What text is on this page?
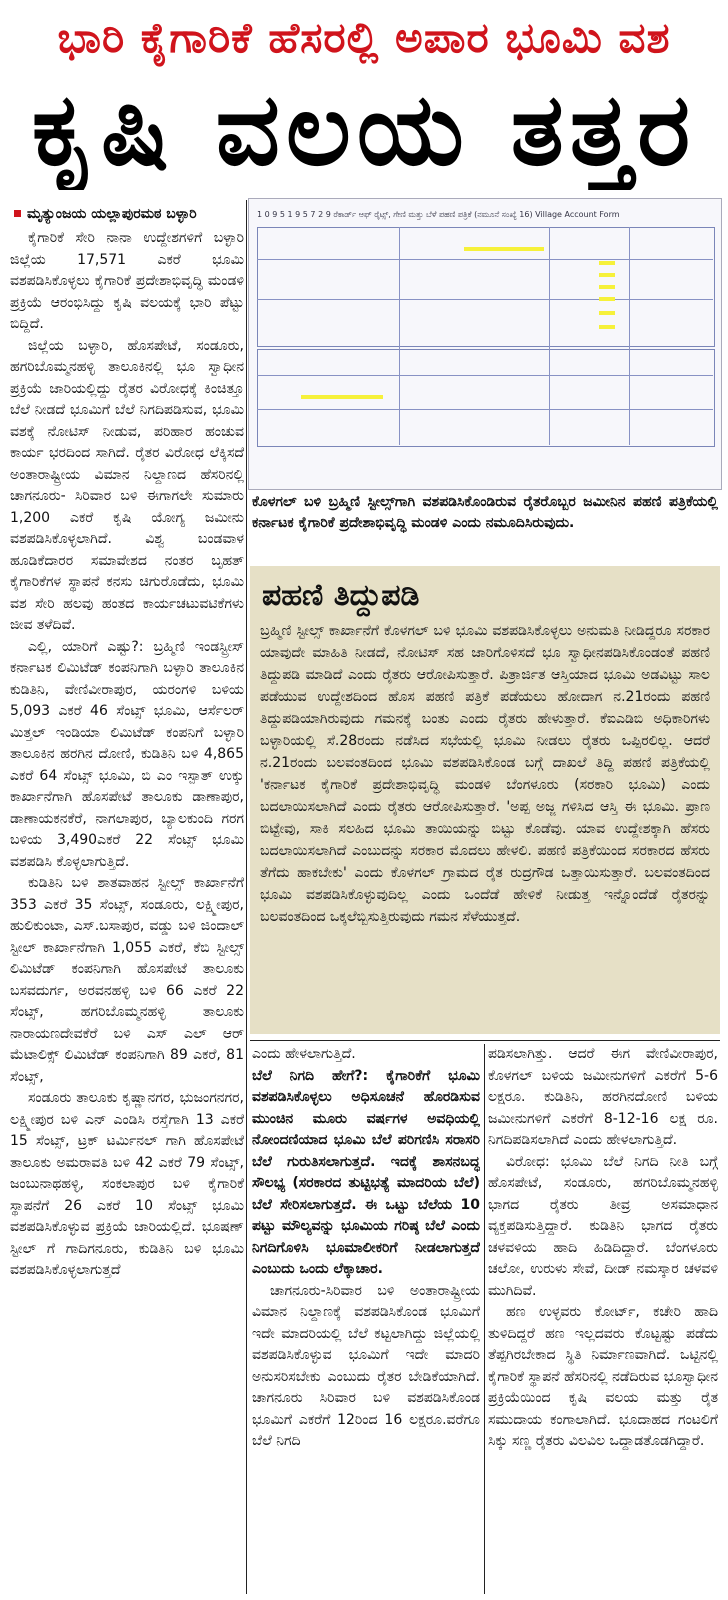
ಭಾರಿ ಕೈಗಾರಿಕೆ ಹೆಸರಲ್ಲಿ ಅಪಾರ ಭೂಮಿ ವಶ
ಕೃಷಿ ವಲಯ ತತ್ತರ
ಮೃತ್ಯುಂಜಯ ಯಲ್ಲಾಪುರಮಠ ಬಳ್ಳಾರಿ

ಕೈಗಾರಿಕೆ ಸೇರಿ ನಾನಾ ಉದ್ದೇಶಗಳಿಗೆ ಬಳ್ಳಾರಿ ಜಿಲ್ಲೆಯ 17,571 ಎಕರೆ ಭೂಮಿ ವಶಪಡಿಸಿಕೊಳ್ಳಲು ಕೈಗಾರಿಕೆ ಪ್ರದೇಶಾಭಿವೃದ್ಧಿ ಮಂಡಳಿ ಪ್ರಕ್ರಿಯೆ ಆರಂಭಿಸಿದ್ದು ಕೃಷಿ ವಲಯಕ್ಕೆ ಭಾರಿ ಪೆಟ್ಟು ಬಿದ್ದಿದೆ.

ಜಿಲ್ಲೆಯ ಬಳ್ಳಾರಿ, ಹೊಸಪೇಟೆ, ಸಂಡೂರು, ಹಗರಿಬೊಮ್ಮನಹಳ್ಳಿ ತಾಲೂಕಿನಲ್ಲಿ ಭೂ ಸ್ವಾಧೀನ ಪ್ರಕ್ರಿಯೆ ಜಾರಿಯಲ್ಲಿದ್ದು ರೈತರ ವಿರೋಧಕ್ಕೆ ಕಿಂಚಿತ್ತೂ ಬೆಲೆ ನೀಡದೆ ಭೂಮಿಗೆ ಬೆಲೆ ನಿಗದಿಪಡಿಸುವ, ಭೂಮಿ ವಶಕ್ಕೆ ನೋಟಿಸ್ ನೀಡುವ, ಪರಿಹಾರ ಹಂಚುವ ಕಾರ್ಯ ಭರದಿಂದ ಸಾಗಿದೆ. ರೈತರ ವಿರೋಧ ಲೆಕ್ಕಿಸದೆ ಅಂತಾರಾಷ್ಟ್ರೀಯ ವಿಮಾನ ನಿಲ್ದಾಣದ ಹೆಸರಿನಲ್ಲಿ ಚಾಗನೂರು- ಸಿರಿವಾರ ಬಳಿ ಈಗಾಗಲೇ ಸುಮಾರು 1,200 ಎಕರೆ ಕೃಷಿ ಯೋಗ್ಯ ಜಮೀನು ವಶಪಡಿಸಿಕೊಳ್ಳಲಾಗಿದೆ. ವಿಶ್ವ ಬಂಡವಾಳ ಹೂಡಿಕೆದಾರರ ಸಮಾವೇಶದ ನಂತರ ಬೃಹತ್ ಕೈಗಾರಿಕೆಗಳ ಸ್ಥಾಪನೆ ಕನಸು ಚಿಗುರೊಡೆದು, ಭೂಮಿ ವಶ ಸೇರಿ ಹಲವು ಹಂತದ ಕಾರ್ಯಚಟುವಟಿಕೆಗಳು ಜೀವ ತಳೆದಿವೆ.

ಎಲ್ಲಿ, ಯಾರಿಗೆ ಎಷ್ಟು?: ಬ್ರಹ್ಮಿಣಿ ಇಂಡಸ್ಟ್ರೀಸ್ ಕರ್ನಾಟಕ ಲಿಮಿಟೆಡ್ ಕಂಪನಿಗಾಗಿ ಬಳ್ಳಾರಿ ತಾಲೂಕಿನ ಕುಡಿತಿನಿ, ವೇಣಿವೀರಾಪುರ, ಯರಂಗಳಿ ಬಳಿಯ 5,093 ಎಕರೆ 46 ಸೆಂಟ್ಸ್ ಭೂಮಿ, ಆರ್ಸೆಲರ್ ಮಿತ್ತಲ್ ಇಂಡಿಯಾ ಲಿಮಿಟೆಡ್ ಕಂಪನಿಗೆ ಬಳ್ಳಾರಿ ತಾಲೂಕಿನ ಹರಗಿನ ದೋಣಿ, ಕುಡಿತಿನಿ ಬಳಿ 4,865 ಎಕರೆ 64 ಸೆಂಟ್ಸ್ ಭೂಮಿ, ಬಿ ಎಂ ಇಸ್ಪಾತ್ ಉಕ್ಕು ಕಾರ್ಖಾನೆಗಾಗಿ ಹೊಸಪೇಟೆ ತಾಲೂಕು ಡಾಣಾಪುರ, ಡಾಣಾಯಕನಕೆರೆ, ನಾಗಲಾಪುರ, ಬ್ಯಾಲಕುಂದಿ ಗರಗ ಬಳಿಯ 3,490ಎಕರೆ 22 ಸೆಂಟ್ಸ್ ಭೂಮಿ ವಶಪಡಿಸಿ ಕೊಳ್ಳಲಾಗುತ್ತಿದೆ.

ಕುಡಿತಿನಿ ಬಳಿ ಶಾತವಾಹನ ಸ್ಟೀಲ್ಸ್ ಕಾರ್ಖಾನೆಗೆ 353 ಎಕರೆ 35 ಸೆಂಟ್ಸ್, ಸಂಡೂರು, ಲಕ್ಷ್ಮೀಪುರ, ಹುಲಿಕುಂಟಾ, ಎಸ್.ಬಸಾಪುರ, ವಡ್ಡು ಬಳಿ ಜಿಂದಾಲ್ ಸ್ಟೀಲ್ ಕಾರ್ಖಾನೆಗಾಗಿ 1,055 ಎಕರೆ, ಕೆಬಿ ಸ್ಟೀಲ್ಸ್ ಲಿಮಿಟೆಡ್ ಕಂಪನಿಗಾಗಿ ಹೊಸಪೇಟೆ ತಾಲೂಕು ಬಸವದುರ್ಗ, ಅರವನಹಳ್ಳಿ ಬಳಿ 66 ಎಕರೆ 22 ಸೆಂಟ್ಸ್, ಹಗರಿಬೊಮ್ಮನಹಳ್ಳಿ ತಾಲೂಕು ನಾರಾಯಣದೇವಕೆರೆ ಬಳಿ ಎಸ್ ಎಲ್ ಆರ್ ಮೆಟಾಲಿಕ್ಸ್ ಲಿಮಿಟೆಡ್ ಕಂಪನಿಗಾಗಿ 89 ಎಕರೆ, 81 ಸೆಂಟ್ಸ್,

ಸಂಡೂರು ತಾಲೂಕು ಕೃಷ್ಣಾನಗರ, ಭುಜಂಗನಗರ, ಲಕ್ಷ್ಮೀಪುರ ಬಳಿ ಎನ್ ಎಂಡಿಸಿ ರಸ್ತೆಗಾಗಿ 13 ಎಕರೆ 15 ಸೆಂಟ್ಸ್, ಟ್ರಕ್ ಟರ್ಮಿನಲ್ ಗಾಗಿ ಹೊಸಪೇಟೆ ತಾಲೂಕು ಅಮರಾವತಿ ಬಳಿ 42 ಎಕರೆ 79 ಸೆಂಟ್ಸ್, ಜಂಬುನಾಥಹಳ್ಳಿ, ಸಂಕಲಾಪುರ ಬಳಿ ಕೈಗಾರಿಕೆ ಸ್ಥಾಪನೆಗೆ 26 ಎಕರೆ 10 ಸೆಂಟ್ಸ್ ಭೂಮಿ ವಶಪಡಿಸಿಕೊಳ್ಳುವ ಪ್ರಕ್ರಿಯೆ ಜಾರಿಯಲ್ಲಿದೆ. ಭೂಷಣ್ ಸ್ಟೀಲ್ ಗೆ ಗಾದಿಗನೂರು, ಕುಡಿತಿನಿ ಬಳಿ ಭೂಮಿ ವಶಪಡಿಸಿಕೊಳ್ಳಲಾಗುತ್ತದೆ

1 0 9 5 1 9 5 7 2 9 ರೆಕಾರ್ಡ್ ಆಫ್ ರೈಟ್ಸ್, ಗೇಣಿ ಮತ್ತು ಬೆಳೆ ಪಹಣಿ ಪತ್ರಿಕೆ (ನಮೂನೆ ಸಂಖ್ಯೆ 16) Village Account Form
ಕೊಳಗಲ್ ಬಳಿ ಬ್ರಹ್ಮಿಣಿ ಸ್ಟೀಲ್ಸ್‌ಗಾಗಿ ವಶಪಡಿಸಿಕೊಂಡಿರುವ ರೈತರೊಬ್ಬರ ಜಮೀನಿನ ಪಹಣಿ ಪತ್ರಿಕೆಯಲ್ಲಿ ಕರ್ನಾಟಕ ಕೈಗಾರಿಕೆ ಪ್ರದೇಶಾಭಿವೃದ್ಧಿ ಮಂಡಳಿ ಎಂದು ನಮೂದಿಸಿರುವುದು.
ಪಹಣಿ ತಿದ್ದುಪಡಿ
ಬ್ರಹ್ಮಿಣಿ ಸ್ಟೀಲ್ಸ್ ಕಾರ್ಖಾನೆಗೆ ಕೊಳಗಲ್ ಬಳಿ ಭೂಮಿ ವಶಪಡಿಸಿಕೊಳ್ಳಲು ಅನುಮತಿ ನೀಡಿದ್ದರೂ ಸರಕಾರ ಯಾವುದೇ ಮಾಹಿತಿ ನೀಡದೆ, ನೋಟಿಸ್ ಸಹ ಜಾರಿಗೊಳಿಸದೆ ಭೂ ಸ್ವಾಧೀನಪಡಿಸಿಕೊಂಡಂತೆ ಪಹಣಿ ತಿದ್ದುಪಡಿ ಮಾಡಿದೆ ಎಂದು ರೈತರು ಆರೋಪಿಸುತ್ತಾರೆ. ಪಿತ್ರಾರ್ಜಿತ ಆಸ್ತಿಯಾದ ಭೂಮಿ ಅಡವಿಟ್ಟು ಸಾಲ ಪಡೆಯುವ ಉದ್ದೇಶದಿಂದ ಹೊಸ ಪಹಣಿ ಪತ್ರಿಕೆ ಪಡೆಯಲು ಹೋದಾಗ ನ.21ರಂದು ಪಹಣಿ ತಿದ್ದುಪಡಿಯಾಗಿರುವುದು ಗಮನಕ್ಕೆ ಬಂತು ಎಂದು ರೈತರು ಹೇಳುತ್ತಾರೆ. ಕೆಐಎಡಿಬಿ ಅಧಿಕಾರಿಗಳು ಬಳ್ಳಾರಿಯಲ್ಲಿ ಸೆ.28ರಂದು ನಡೆಸಿದ ಸಭೆಯಲ್ಲಿ ಭೂಮಿ ನೀಡಲು ರೈತರು ಒಪ್ಪಿರಲಿಲ್ಲ. ಆದರೆ ನ.21ರಂದು ಬಲವಂತದಿಂದ ಭೂಮಿ ವಶಪಡಿಸಿಕೊಂಡ ಬಗ್ಗೆ ದಾಖಲೆ ತಿದ್ದಿ ಪಹಣಿ ಪತ್ರಿಕೆಯಲ್ಲಿ 'ಕರ್ನಾಟಕ ಕೈಗಾರಿಕೆ ಪ್ರದೇಶಾಭಿವೃದ್ಧಿ ಮಂಡಳಿ ಬೆಂಗಳೂರು (ಸರಕಾರಿ ಭೂಮಿ) ಎಂದು ಬದಲಾಯಿಸಲಾಗಿದೆ ಎಂದು ರೈತರು ಆರೋಪಿಸುತ್ತಾರೆ. 'ಅಪ್ಪ ಅಜ್ಜ ಗಳಿಸಿದ ಆಸ್ತಿ ಈ ಭೂಮಿ. ಪ್ರಾಣ ಬಿಟ್ಟೇವು, ಸಾಕಿ ಸಲಹಿದ ಭೂಮಿ ತಾಯಿಯನ್ನು ಬಿಟ್ಟು ಕೊಡೆವು. ಯಾವ ಉದ್ದೇಶಕ್ಕಾಗಿ ಹೆಸರು ಬದಲಾಯಿಸಲಾಗಿದೆ ಎಂಬುದನ್ನು ಸರಕಾರ ಮೊದಲು ಹೇಳಲಿ. ಪಹಣಿ ಪತ್ರಿಕೆಯಿಂದ ಸರಕಾರದ ಹೆಸರು ತೆಗೆದು ಹಾಕಬೇಕು' ಎಂದು ಕೊಳಗಲ್ ಗ್ರಾಮದ ರೈತ ರುದ್ರಗೌಡ ಒತ್ತಾಯಿಸುತ್ತಾರೆ. ಬಲವಂತದಿಂದ ಭೂಮಿ ವಶಪಡಿಸಿಕೊಳ್ಳುವುದಿಲ್ಲ ಎಂದು ಒಂದೆಡೆ ಹೇಳಿಕೆ ನೀಡುತ್ತ ಇನ್ನೊಂದೆಡೆ ರೈತರನ್ನು ಬಲವಂತದಿಂದ ಒಕ್ಕಲೆಬ್ಬಿಸುತ್ತಿರುವುದು ಗಮನ ಸೆಳೆಯುತ್ತದೆ.

ಎಂದು ಹೇಳಲಾಗುತ್ತಿದೆ.

ಬೆಲೆ ನಿಗದಿ ಹೇಗೆ?: ಕೈಗಾರಿಕೆಗೆ ಭೂಮಿ ವಶಪಡಿಸಿಕೊಳ್ಳಲು ಅಧಿಸೂಚನೆ ಹೊರಡಿಸುವ ಮುಂಚಿನ ಮೂರು ವರ್ಷಗಳ ಅವಧಿಯಲ್ಲಿ ನೋಂದಣಿಯಾದ ಭೂಮಿ ಬೆಲೆ ಪರಿಗಣಿಸಿ ಸರಾಸರಿ ಬೆಲೆ ಗುರುತಿಸಲಾಗುತ್ತದೆ. ಇದಕ್ಕೆ ಶಾಸನಬದ್ಧ ಸೌಲಭ್ಯ (ಸರಕಾರದ ತುಟ್ಟಿಭತ್ಯೆ ಮಾದರಿಯ ಬೆಲೆ) ಬೆಲೆ ಸೇರಿಸಲಾಗುತ್ತದೆ. ಈ ಒಟ್ಟು ಬೆಲೆಯ 10 ಪಟ್ಟು ಮೌಲ್ಯವನ್ನು ಭೂಮಿಯ ಗರಿಷ್ಠ ಬೆಲೆ ಎಂದು ನಿಗದಿಗೊಳಿಸಿ ಭೂಮಾಲೀಕರಿಗೆ ನೀಡಲಾಗುತ್ತದೆ ಎಂಬುದು ಒಂದು ಲೆಕ್ಕಾಚಾರ.

ಚಾಗನೂರು-ಸಿರಿವಾರ ಬಳಿ ಅಂತಾರಾಷ್ಟ್ರೀಯ ವಿಮಾನ ನಿಲ್ದಾಣಕ್ಕೆ ವಶಪಡಿಸಿಕೊಂಡ ಭೂಮಿಗೆ ಇದೇ ಮಾದರಿಯಲ್ಲಿ ಬೆಲೆ ಕಟ್ಟಲಾಗಿದ್ದು ಜಿಲ್ಲೆಯಲ್ಲಿ ವಶಪಡಿಸಿಕೊಳ್ಳುವ ಭೂಮಿಗೆ ಇದೇ ಮಾದರಿ ಅನುಸರಿಸಬೇಕು ಎಂಬುದು ರೈತರ ಬೇಡಿಕೆಯಾಗಿದೆ. ಚಾಗನೂರು ಸಿರಿವಾರ ಬಳಿ ವಶಪಡಿಸಿಕೊಂಡ ಭೂಮಿಗೆ ಎಕರೆಗೆ 12ರಿಂದ 16 ಲಕ್ಷರೂ.ವರೆಗೂ ಬೆಲೆ ನಿಗದಿ

ಪಡಿಸಲಾಗಿತ್ತು. ಆದರೆ ಈಗ ವೇಣಿವೀರಾಪುರ, ಕೊಳಗಲ್ ಬಳಿಯ ಜಮೀನುಗಳಿಗೆ ಎಕರೆಗೆ 5-6 ಲಕ್ಷರೂ. ಕುಡಿತಿನಿ, ಹರಗಿನದೋಣಿ ಬಳಿಯ ಜಮೀನುಗಳಿಗೆ ಎಕರೆಗೆ 8-12-16 ಲಕ್ಷ ರೂ. ನಿಗದಿಪಡಿಸಲಾಗಿದೆ ಎಂದು ಹೇಳಲಾಗುತ್ತಿದೆ.

ವಿರೋಧ: ಭೂಮಿ ಬೆಲೆ ನಿಗದಿ ನೀತಿ ಬಗ್ಗೆ ಹೊಸಪೇಟೆ, ಸಂಡೂರು, ಹಗರಿಬೊಮ್ಮನಹಳ್ಳಿ ಭಾಗದ ರೈತರು ತೀವ್ರ ಅಸಮಾಧಾನ ವ್ಯಕ್ತಪಡಿಸುತ್ತಿದ್ದಾರೆ. ಕುಡಿತಿನಿ ಭಾಗದ ರೈತರು ಚಳವಳಿಯ ಹಾದಿ ಹಿಡಿದಿದ್ದಾರೆ. ಬೆಂಗಳೂರು ಚಲೋ, ಉರುಳು ಸೇವೆ, ದೀಡ್ ನಮಸ್ಕಾರ ಚಳವಳಿ ಮುಗಿದಿವೆ.

ಹಣ ಉಳ್ಳವರು ಕೋರ್ಟ್, ಕಚೇರಿ ಹಾದಿ ತುಳಿದಿದ್ದರೆ ಹಣ ಇಲ್ಲದವರು ಕೊಟ್ಟಷ್ಟು ಪಡೆದು ತೆಪ್ಪಗಿರಬೇಕಾದ ಸ್ಥಿತಿ ನಿರ್ಮಾಣವಾಗಿದೆ. ಒಟ್ಟಿನಲ್ಲಿ ಕೈಗಾರಿಕೆ ಸ್ಥಾಪನೆ ಹೆಸರಿನಲ್ಲಿ ನಡೆದಿರುವ ಭೂಸ್ವಾಧೀನ ಪ್ರಕ್ರಿಯೆಯಿಂದ ಕೃಷಿ ವಲಯ ಮತ್ತು ರೈತ ಸಮುದಾಯ ಕಂಗಾಲಾಗಿದೆ. ಭೂದಾಹದ ಗಂಟಲಿಗೆ ಸಿಕ್ಕು ಸಣ್ಣ ರೈತರು ವಿಲವಿಲ ಒದ್ದಾಡತೊಡಗಿದ್ದಾರೆ.
